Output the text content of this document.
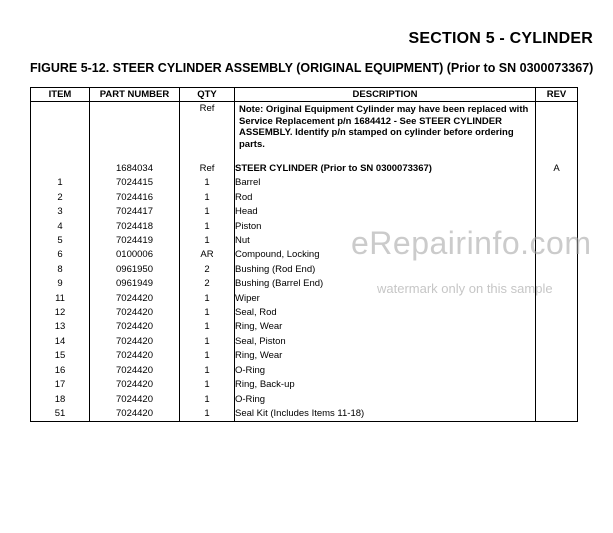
SECTION 5 - CYLINDER
FIGURE 5-12. STEER CYLINDER ASSEMBLY (ORIGINAL EQUIPMENT) (Prior to SN 0300073367)
ITEM	PART NUMBER	QTY	DESCRIPTION	REV
		Ref	Note: Original Equipment Cylinder may have been replaced with Service Replacement p/n 1684412 - See STEER CYLINDER ASSEMBLY. Identify p/n stamped on cylinder before ordering parts.	
	1684034	Ref	STEER CYLINDER (Prior to SN 0300073367)	A
1	7024415	1	Barrel	
2	7024416	1	Rod	
3	7024417	1	Head	
4	7024418	1	Piston	
5	7024419	1	Nut	
6	0100006	AR	Compound, Locking	
8	0961950	2	Bushing (Rod End)	
9	0961949	2	Bushing (Barrel End)	
11	7024420	1	Wiper	
12	7024420	1	Seal, Rod	
13	7024420	1	Ring, Wear	
14	7024420	1	Seal, Piston	
15	7024420	1	Ring, Wear	
16	7024420	1	O-Ring	
17	7024420	1	Ring, Back-up	
18	7024420	1	O-Ring	
51	7024420	1	Seal Kit (Includes Items 11-18)	
eRepairinfo.com
watermark only on this sample
